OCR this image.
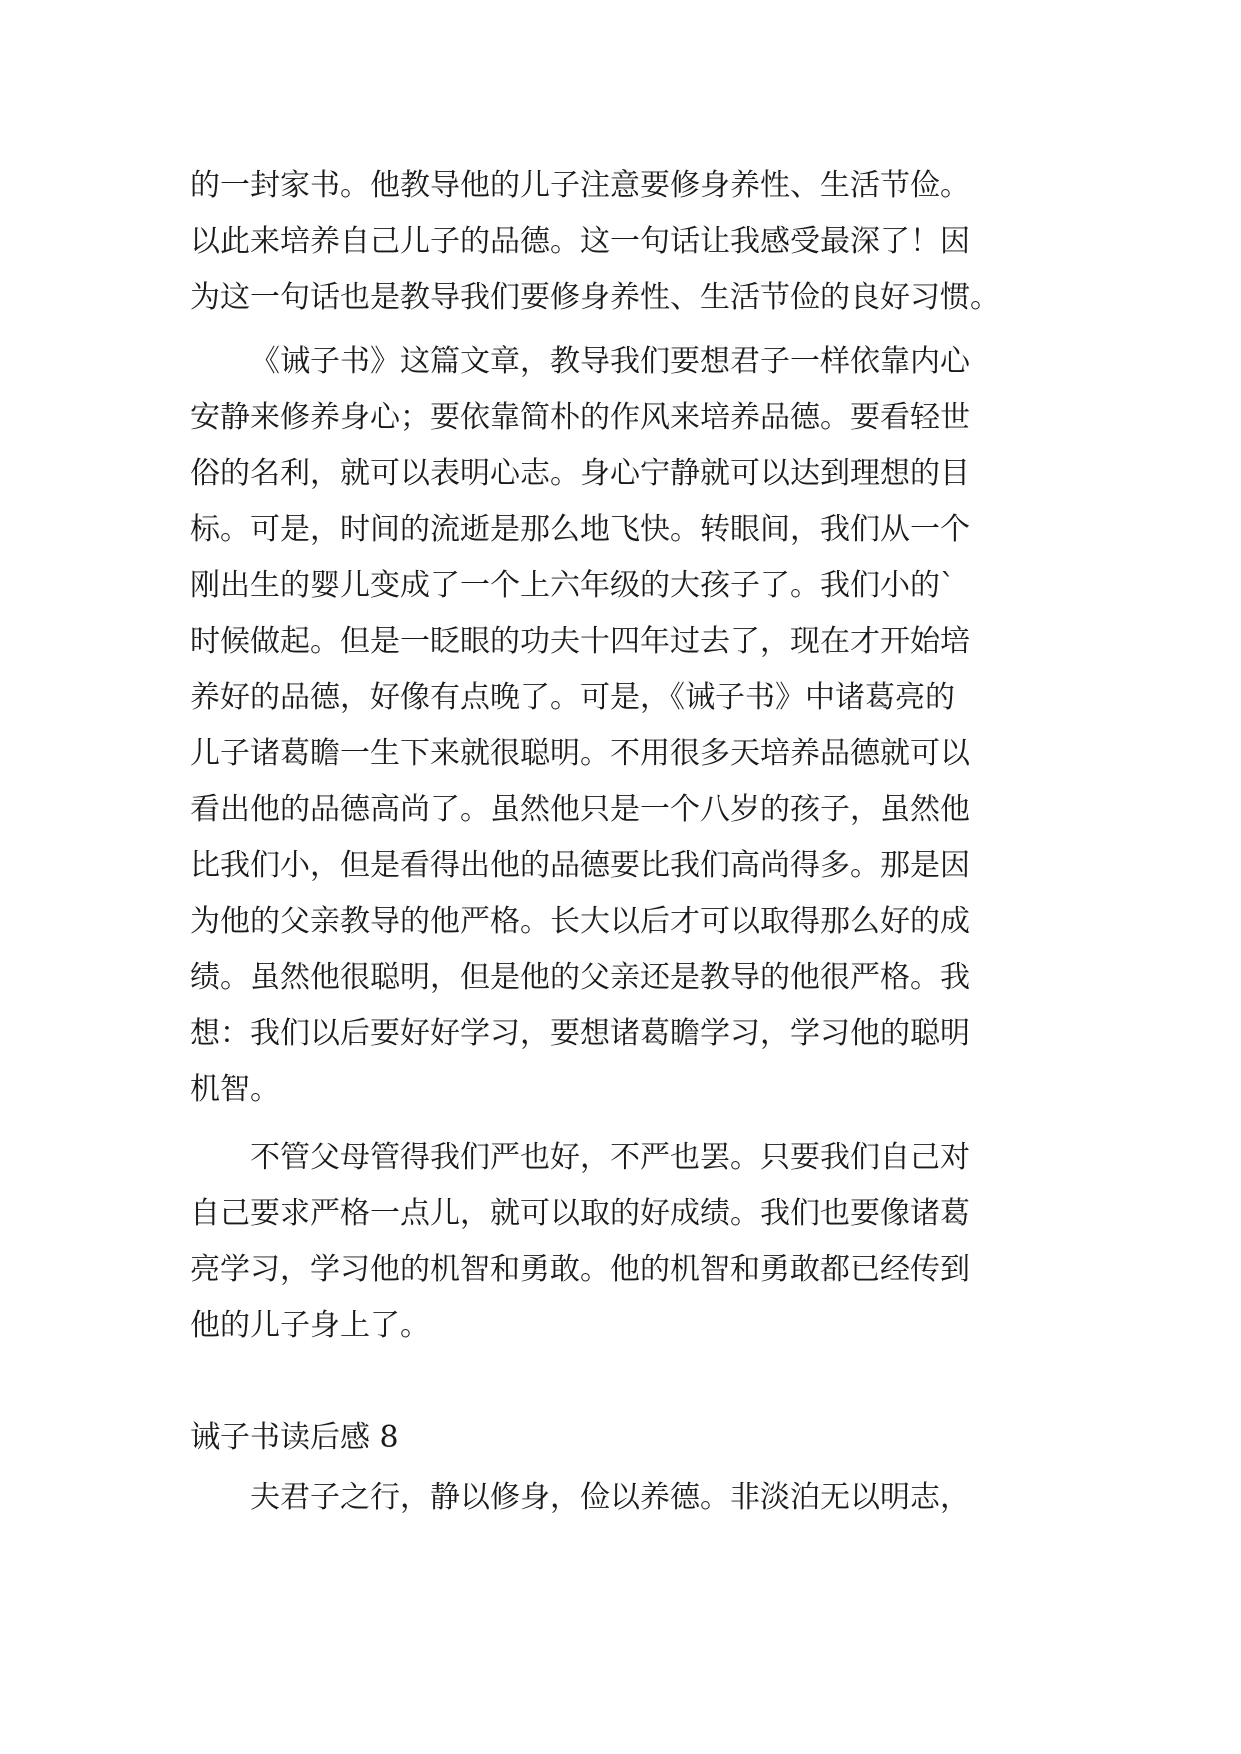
的一封家书。他教导他的儿子注意要修身养性、生活节俭。
以此来培养自己儿子的品德。这一句话让我感受最深了！因
为这一句话也是教导我们要修身养性、生活节俭的良好习惯。
《诫子书》这篇文章，教导我们要想君子一样依靠内心
安静来修养身心；要依靠简朴的作风来培养品德。要看轻世
俗的名利，就可以表明心志。身心宁静就可以达到理想的目
标。可是，时间的流逝是那么地飞快。转眼间，我们从一个
刚出生的婴儿变成了一个上六年级的大孩子了。我们小的`
时候做起。但是一眨眼的功夫十四年过去了，现在才开始培
养好的品德，好像有点晚了。可是，《诫子书》中诸葛亮的
儿子诸葛瞻一生下来就很聪明。不用很多天培养品德就可以
看出他的品德高尚了。虽然他只是一个八岁的孩子，虽然他
比我们小，但是看得出他的品德要比我们高尚得多。那是因
为他的父亲教导的他严格。长大以后才可以取得那么好的成
绩。虽然他很聪明，但是他的父亲还是教导的他很严格。我
想：我们以后要好好学习，要想诸葛瞻学习，学习他的聪明
机智。
不管父母管得我们严也好，不严也罢。只要我们自己对
自己要求严格一点儿，就可以取的好成绩。我们也要像诸葛
亮学习，学习他的机智和勇敢。他的机智和勇敢都已经传到
他的儿子身上了。
诫子书读后感 8
夫君子之行，静以修身，俭以养德。非淡泊无以明志，
